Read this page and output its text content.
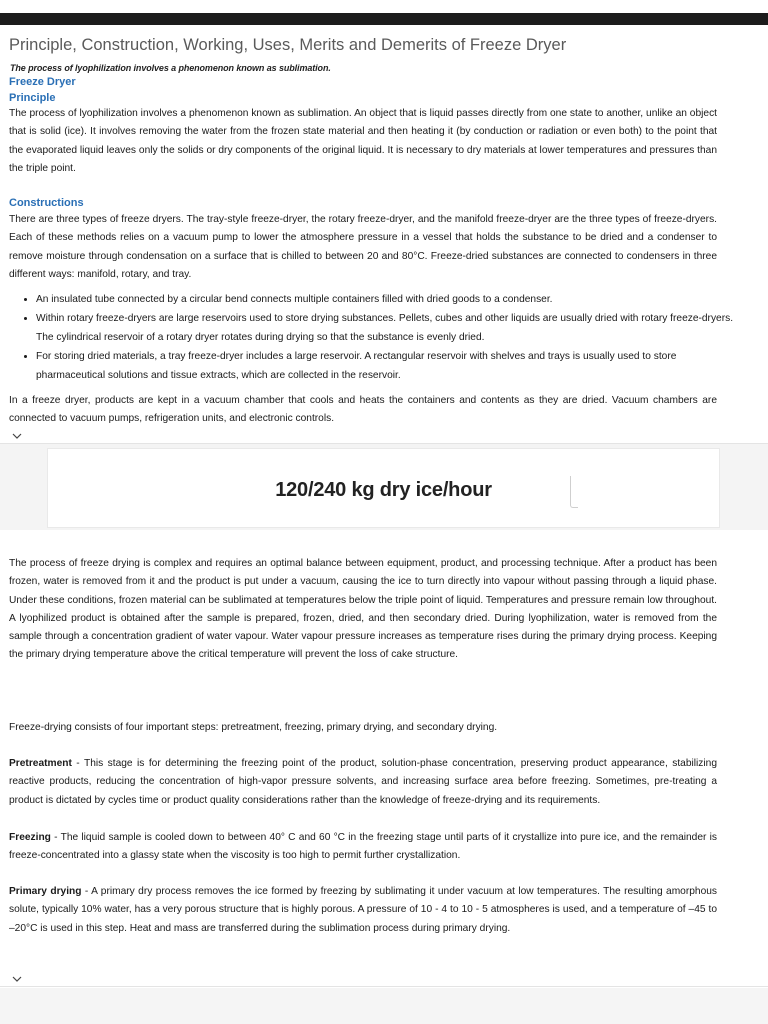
Principle, Construction, Working, Uses, Merits and Demerits of Freeze Dryer
The process of lyophilization involves a phenomenon known as sublimation.
Freeze Dryer
Principle

The process of lyophilization involves a phenomenon known as sublimation. An object that is liquid passes directly from one state to another, unlike an object that is solid (ice). It involves removing the water from the frozen state material and then heating it (by conduction or radiation or even both) to the point that the evaporated liquid leaves only the solids or dry components of the original liquid. It is necessary to dry materials at lower temperatures and pressures than the triple point.

Constructions

There are three types of freeze dryers. The tray-style freeze-dryer, the rotary freeze-dryer, and the manifold freeze-dryer are the three types of freeze-dryers. Each of these methods relies on a vacuum pump to lower the atmosphere pressure in a vessel that holds the substance to be dried and a condenser to remove moisture through condensation on a surface that is chilled to between 20 and 80°C. Freeze-dried substances are connected to condensers in three different ways: manifold, rotary, and tray.

• An insulated tube connected by a circular bend connects multiple containers filled with dried goods to a condenser.
• Within rotary freeze-dryers are large reservoirs used to store drying substances. Pellets, cubes and other liquids are usually dried with rotary freeze-dryers. The cylindrical reservoir of a rotary dryer rotates during drying so that the substance is evenly dried.
• For storing dried materials, a tray freeze-dryer includes a large reservoir. A rectangular reservoir with shelves and trays is usually used to store pharmaceutical solutions and tissue extracts, which are collected in the reservoir.

In a freeze dryer, products are kept in a vacuum chamber that cools and heats the containers and contents as they are dried. Vacuum chambers are connected to vacuum pumps, refrigeration units, and electronic controls.

120/240 kg dry ice/hour

The process of freeze drying is complex and requires an optimal balance between equipment, product, and processing technique. After a product has been frozen, water is removed from it and the product is put under a vacuum, causing the ice to turn directly into vapour without passing through a liquid phase. Under these conditions, frozen material can be sublimated at temperatures below the triple point of liquid. Temperatures and pressure remain low throughout. A lyophilized product is obtained after the sample is prepared, frozen, dried, and then secondary dried. During lyophilization, water is removed from the sample through a concentration gradient of water vapour. Water vapour pressure increases as temperature rises during the primary drying process. Keeping the primary drying temperature above the critical temperature will prevent the loss of cake structure.

Freeze-drying consists of four important steps: pretreatment, freezing, primary drying, and secondary drying.

Pretreatment - This stage is for determining the freezing point of the product, solution-phase concentration, preserving product appearance, stabilizing reactive products, reducing the concentration of high-vapor pressure solvents, and increasing surface area before freezing. Sometimes, pre-treating a product is dictated by cycles time or product quality considerations rather than the knowledge of freeze-drying and its requirements.

Freezing - The liquid sample is cooled down to between 40° C and 60 °C in the freezing stage until parts of it crystallize into pure ice, and the remainder is freeze-concentrated into a glassy state when the viscosity is too high to permit further crystallization.

Primary drying - A primary dry process removes the ice formed by freezing by sublimating it under vacuum at low temperatures. The resulting amorphous solute, typically 10% water, has a very porous structure that is highly porous. A pressure of 10 - 4 to 10 - 5 atmospheres is used, and a temperature of –45 to –20°C is used in this step. Heat and mass are transferred during the sublimation process during primary drying.
